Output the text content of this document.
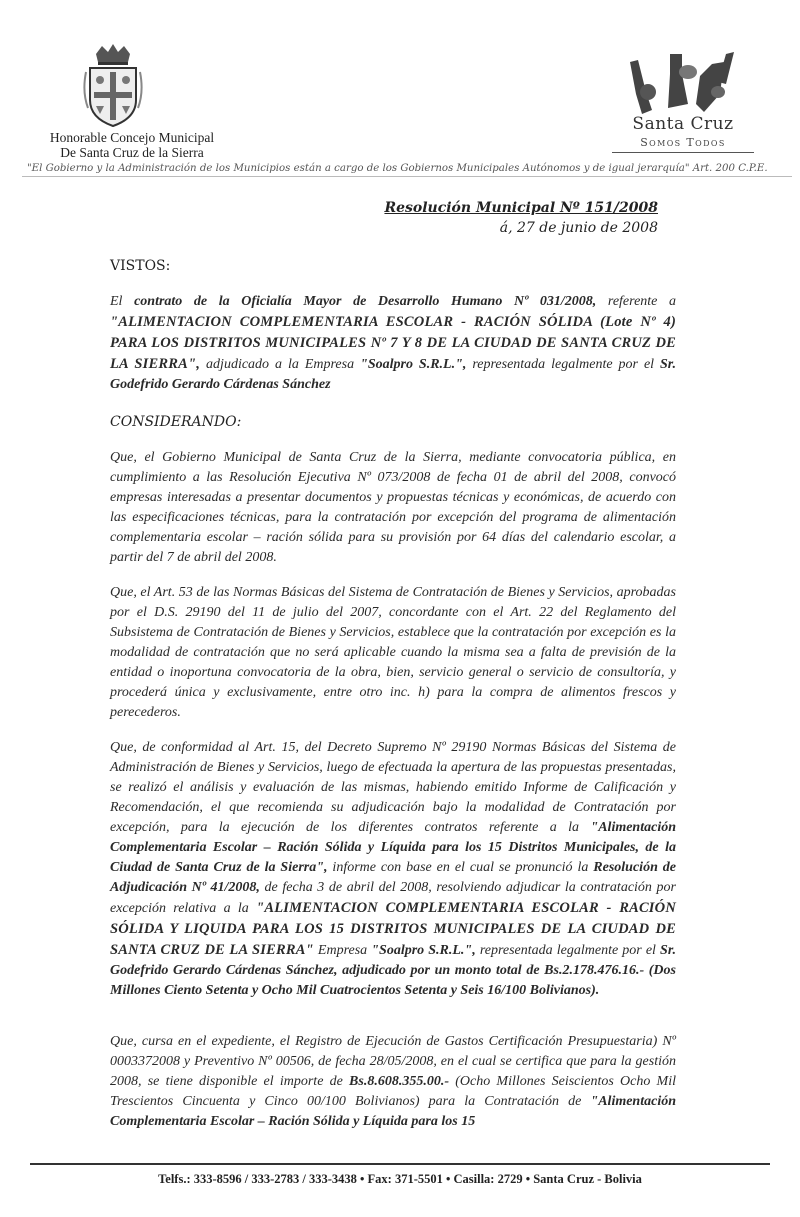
Honorable Concejo Municipal
De Santa Cruz de la Sierra
Santa Cruz
Somos Todos
"El Gobierno y la Administración de los Municipios están a cargo de los Gobiernos Municipales Autónomos y de igual jerarquía" Art. 200 C.P.E.
Resolución Municipal Nº 151/2008
á, 27 de junio de 2008
VISTOS:
El contrato de la Oficialía Mayor de Desarrollo Humano Nº 031/2008, referente a "ALIMENTACION COMPLEMENTARIA ESCOLAR - RACIÓN SÓLIDA (Lote Nº 4) PARA LOS DISTRITOS MUNICIPALES Nº 7 Y 8 DE LA CIUDAD DE SANTA CRUZ DE LA SIERRA", adjudicado a la Empresa "Soalpro S.R.L.", representada legalmente por el Sr. Godefrido Gerardo Cárdenas Sánchez
CONSIDERANDO:
Que, el Gobierno Municipal de Santa Cruz de la Sierra, mediante convocatoria pública, en cumplimiento a las Resolución Ejecutiva Nº 073/2008 de fecha 01 de abril del 2008, convocó empresas interesadas a presentar documentos y propuestas técnicas y económicas, de acuerdo con las especificaciones técnicas, para la contratación por excepción del programa de alimentación complementaria escolar – ración sólida para su provisión por 64 días del calendario escolar, a partir del 7 de abril del 2008.
Que, el Art. 53 de las Normas Básicas del Sistema de Contratación de Bienes y Servicios, aprobadas por el D.S. 29190 del 11 de julio del 2007, concordante con el Art. 22 del Reglamento del Subsistema de Contratación de Bienes y Servicios, establece que la contratación por excepción es la modalidad de contratación que no será aplicable cuando la misma sea a falta de previsión de la entidad o inoportuna convocatoria de la obra, bien, servicio general o servicio de consultoría, y procederá única y exclusivamente, entre otro inc. h) para la compra de alimentos frescos y perecederos.
Que, de conformidad al Art. 15, del Decreto Supremo Nº 29190 Normas Básicas del Sistema de Administración de Bienes y Servicios, luego de efectuada la apertura de las propuestas presentadas, se realizó el análisis y evaluación de las mismas, habiendo emitido Informe de Calificación y Recomendación, el que recomienda su adjudicación bajo la modalidad de Contratación por excepción, para la ejecución de los diferentes contratos referente a la "Alimentación Complementaria Escolar – Ración Sólida y Líquida para los 15 Distritos Municipales, de la Ciudad de Santa Cruz de la Sierra", informe con base en el cual se pronunció la Resolución de Adjudicación Nº 41/2008, de fecha 3 de abril del 2008, resolviendo adjudicar la contratación por excepción relativa a la "ALIMENTACION COMPLEMENTARIA ESCOLAR - RACIÓN SÓLIDA Y LIQUIDA PARA LOS 15 DISTRITOS MUNICIPALES DE LA CIUDAD DE SANTA CRUZ DE LA SIERRA" Empresa "Soalpro S.R.L.", representada legalmente por el Sr. Godefrido Gerardo Cárdenas Sánchez, adjudicado por un monto total de Bs.2.178.476.16.- (Dos Millones Ciento Setenta y Ocho Mil Cuatrocientos Setenta y Seis 16/100 Bolivianos).
Que, cursa en el expediente, el Registro de Ejecución de Gastos Certificación Presupuestaria) Nº 0003372008 y Preventivo Nº 00506, de fecha 28/05/2008, en el cual se certifica que para la gestión 2008, se tiene disponible el importe de Bs.8.608.355.00.- (Ocho Millones Seiscientos Ocho Mil Trescientos Cincuenta y Cinco 00/100 Bolivianos) para la Contratación de "Alimentación Complementaria Escolar – Ración Sólida y Líquida para los 15
Telfs.: 333-8596 / 333-2783 / 333-3438 • Fax: 371-5501 • Casilla: 2729 • Santa Cruz - Bolivia
